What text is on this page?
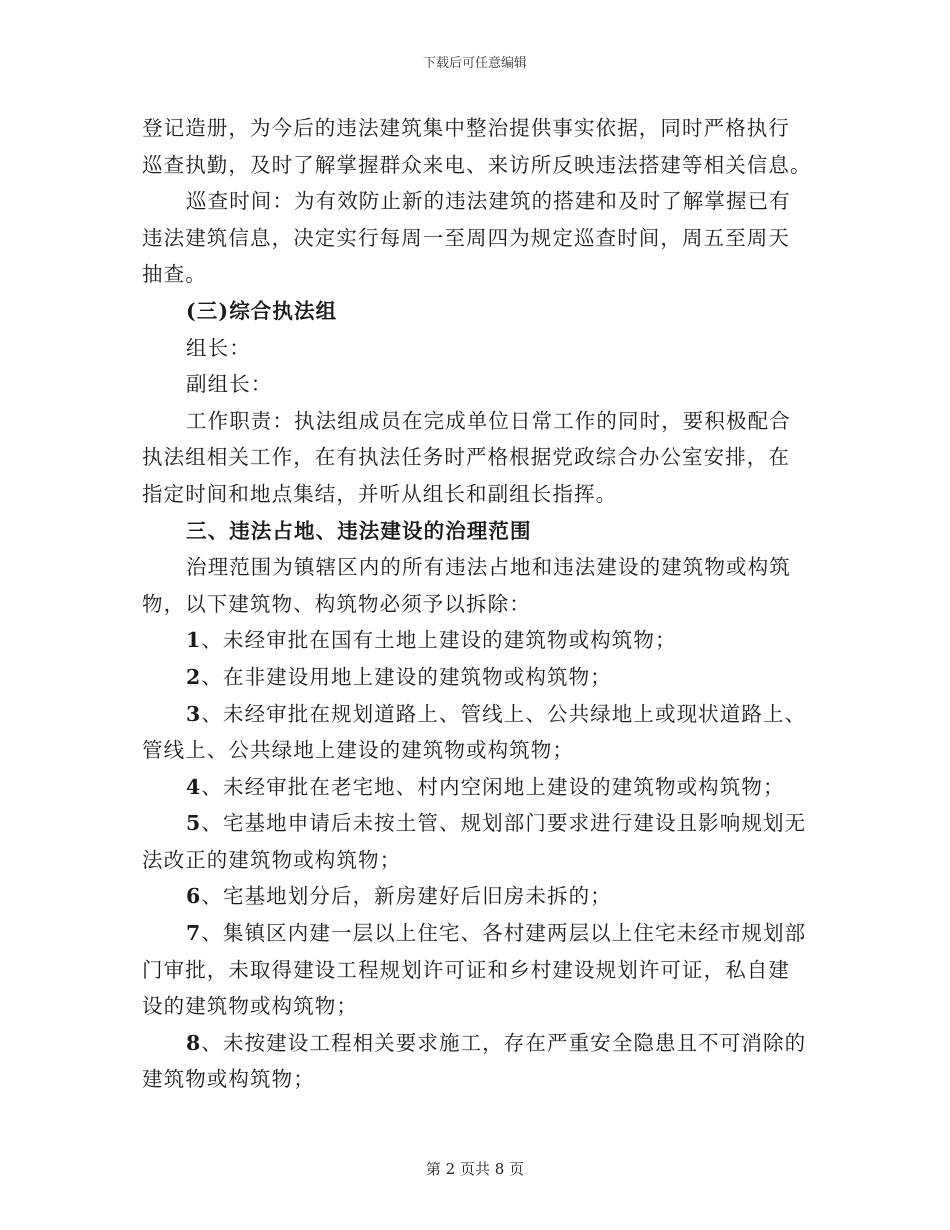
下载后可任意编辑

登记造册，为今后的违法建筑集中整治提供事实依据，同时严格执行

巡查执勤，及时了解掌握群众来电、来访所反映违法搭建等相关信息。

巡查时间：为有效防止新的违法建筑的搭建和及时了解掌握已有

违法建筑信息，决定实行每周一至周四为规定巡查时间，周五至周天

抽查。

(三)综合执法组

组长：

副组长：

工作职责：执法组成员在完成单位日常工作的同时，要积极配合

执法组相关工作，在有执法任务时严格根据党政综合办公室安排，在

指定时间和地点集结，并听从组长和副组长指挥。

三、违法占地、违法建设的治理范围

治理范围为镇辖区内的所有违法占地和违法建设的建筑物或构筑

物，以下建筑物、构筑物必须予以拆除：

1、未经审批在国有土地上建设的建筑物或构筑物；

2、在非建设用地上建设的建筑物或构筑物；

3、未经审批在规划道路上、管线上、公共绿地上或现状道路上、

管线上、公共绿地上建设的建筑物或构筑物；

4、未经审批在老宅地、村内空闲地上建设的建筑物或构筑物；

5、宅基地申请后未按土管、规划部门要求进行建设且影响规划无

法改正的建筑物或构筑物；

6、宅基地划分后，新房建好后旧房未拆的；

7、集镇区内建一层以上住宅、各村建两层以上住宅未经市规划部

门审批，未取得建设工程规划许可证和乡村建设规划许可证，私自建

设的建筑物或构筑物；

8、未按建设工程相关要求施工，存在严重安全隐患且不可消除的

建筑物或构筑物；

第 2 页共 8 页
